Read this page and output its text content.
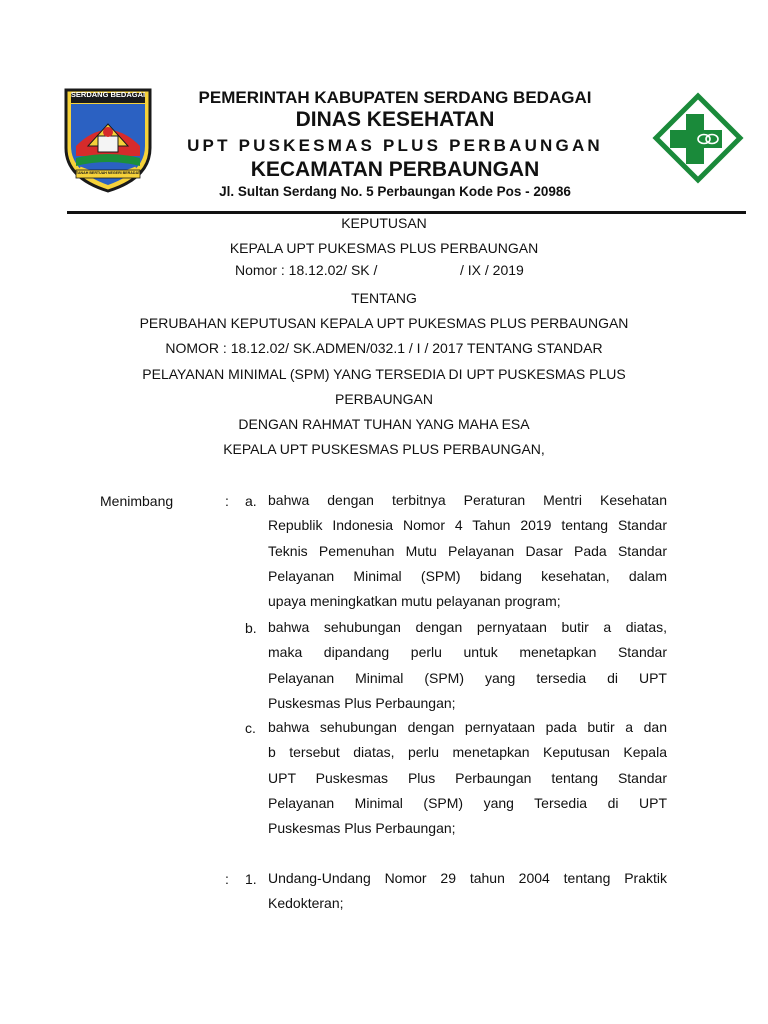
SERDANG BEDAGAI
TANAH BERTUAH NEGERI BERADAT
PEMERINTAH KABUPATEN SERDANG BEDAGAI
DINAS KESEHATAN
UPT PUSKESMAS PLUS PERBAUNGAN
KECAMATAN PERBAUNGAN
Jl. Sultan Serdang No. 5 Perbaungan Kode Pos - 20986
KEPUTUSAN
KEPALA UPT PUKESMAS PLUS PERBAUNGAN
Nomor : 18.12.02/ SK /	/ IX / 2019
TENTANG
PERUBAHAN KEPUTUSAN KEPALA UPT PUKESMAS PLUS PERBAUNGAN
NOMOR : 18.12.02/ SK.ADMEN/032.1 / I / 2017 TENTANG STANDAR
PELAYANAN MINIMAL (SPM) YANG TERSEDIA DI UPT PUSKESMAS PLUS
PERBAUNGAN
DENGAN RAHMAT TUHAN YANG MAHA ESA
KEPALA UPT PUSKESMAS PLUS PERBAUNGAN,
Menimbang	: a. bahwa dengan terbitnya Peraturan Mentri Kesehatan
Republik Indonesia Nomor 4 Tahun 2019 tentang Standar
Teknis Pemenuhan Mutu Pelayanan Dasar Pada Standar
Pelayanan Minimal (SPM) bidang kesehatan, dalam
upaya meningkatkan mutu pelayanan program;
b. bahwa sehubungan dengan pernyataan butir a diatas,
maka dipandang perlu untuk menetapkan Standar
Pelayanan Minimal (SPM) yang tersedia di UPT
Puskesmas Plus Perbaungan;
c. bahwa sehubungan dengan pernyataan pada butir a dan
b tersebut diatas, perlu menetapkan Keputusan Kepala
UPT Puskesmas Plus Perbaungan tentang Standar
Pelayanan Minimal (SPM) yang Tersedia di UPT
Puskesmas Plus Perbaungan;
: 1. Undang-Undang Nomor 29 tahun 2004 tentang Praktik
Kedokteran;
